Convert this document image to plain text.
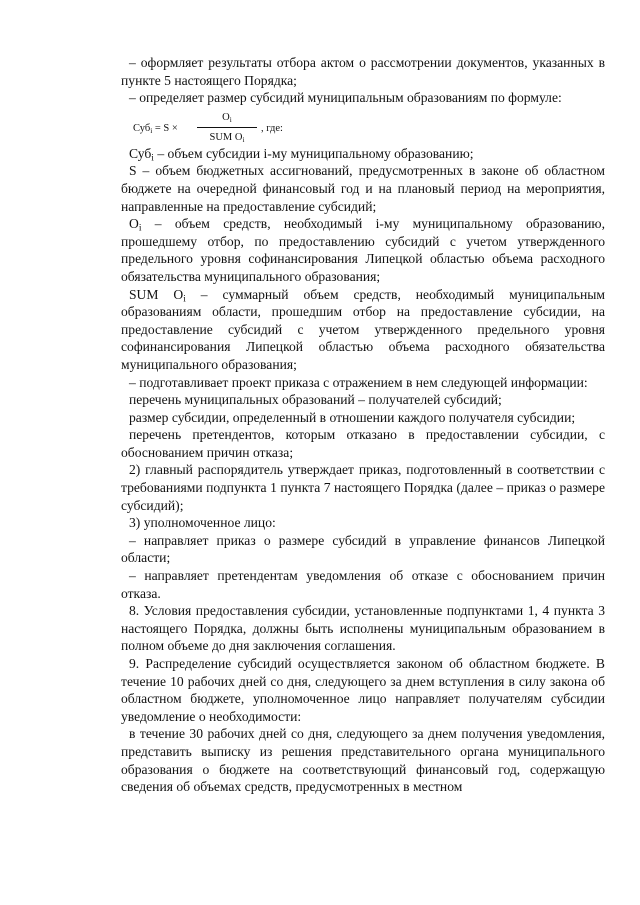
– оформляет результаты отбора актом о рассмотрении документов, указанных в пункте 5 настоящего Порядка;

– определяет размер субсидий муниципальным образованиям по формуле:

Суб$_i$ = S ×
$O_i$
SUM $O_i$
, где:

Суб$_i$ – объем субсидии i-му муниципальному образованию;

S – объем бюджетных ассигнований, предусмотренных в законе об областном бюджете на очередной финансовый год и на плановый период на мероприятия, направленные на предоставление субсидий;

$O_i$ – объем средств, необходимый i-му муниципальному образованию, прошедшему отбор, по предоставлению субсидий с учетом утвержденного предельного уровня софинансирования Липецкой областью объема расходного обязательства муниципального образования;

SUM $O_i$ – суммарный объем средств, необходимый муниципальным образованиям области, прошедшим отбор на предоставление субсидии, на предоставление субсидий с учетом утвержденного предельного уровня софинансирования Липецкой областью объема расходного обязательства муниципального образования;

– подготавливает проект приказа с отражением в нем следующей информации:

перечень муниципальных образований – получателей субсидий;

размер субсидии, определенный в отношении каждого получателя субсидии;

перечень претендентов, которым отказано в предоставлении субсидии, с обоснованием причин отказа;

2) главный распорядитель утверждает приказ, подготовленный в соответствии с требованиями подпункта 1 пункта 7 настоящего Порядка (далее – приказ о размере субсидий);

3) уполномоченное лицо:

– направляет приказ о размере субсидий в управление финансов Липецкой области;

– направляет претендентам уведомления об отказе с обоснованием причин отказа.

8. Условия предоставления субсидии, установленные подпунктами 1, 4 пункта 3 настоящего Порядка, должны быть исполнены муниципальным образованием в полном объеме до дня заключения соглашения.

9. Распределение субсидий осуществляется законом об областном бюджете. В течение 10 рабочих дней со дня, следующего за днем вступления в силу закона об областном бюджете, уполномоченное лицо направляет получателям субсидии уведомление о необходимости:

в течение 30 рабочих дней со дня, следующего за днем получения уведомления, представить выписку из решения представительного органа муниципального образования о бюджете на соответствующий финансовый год, содержащую сведения об объемах средств, предусмотренных в местном
